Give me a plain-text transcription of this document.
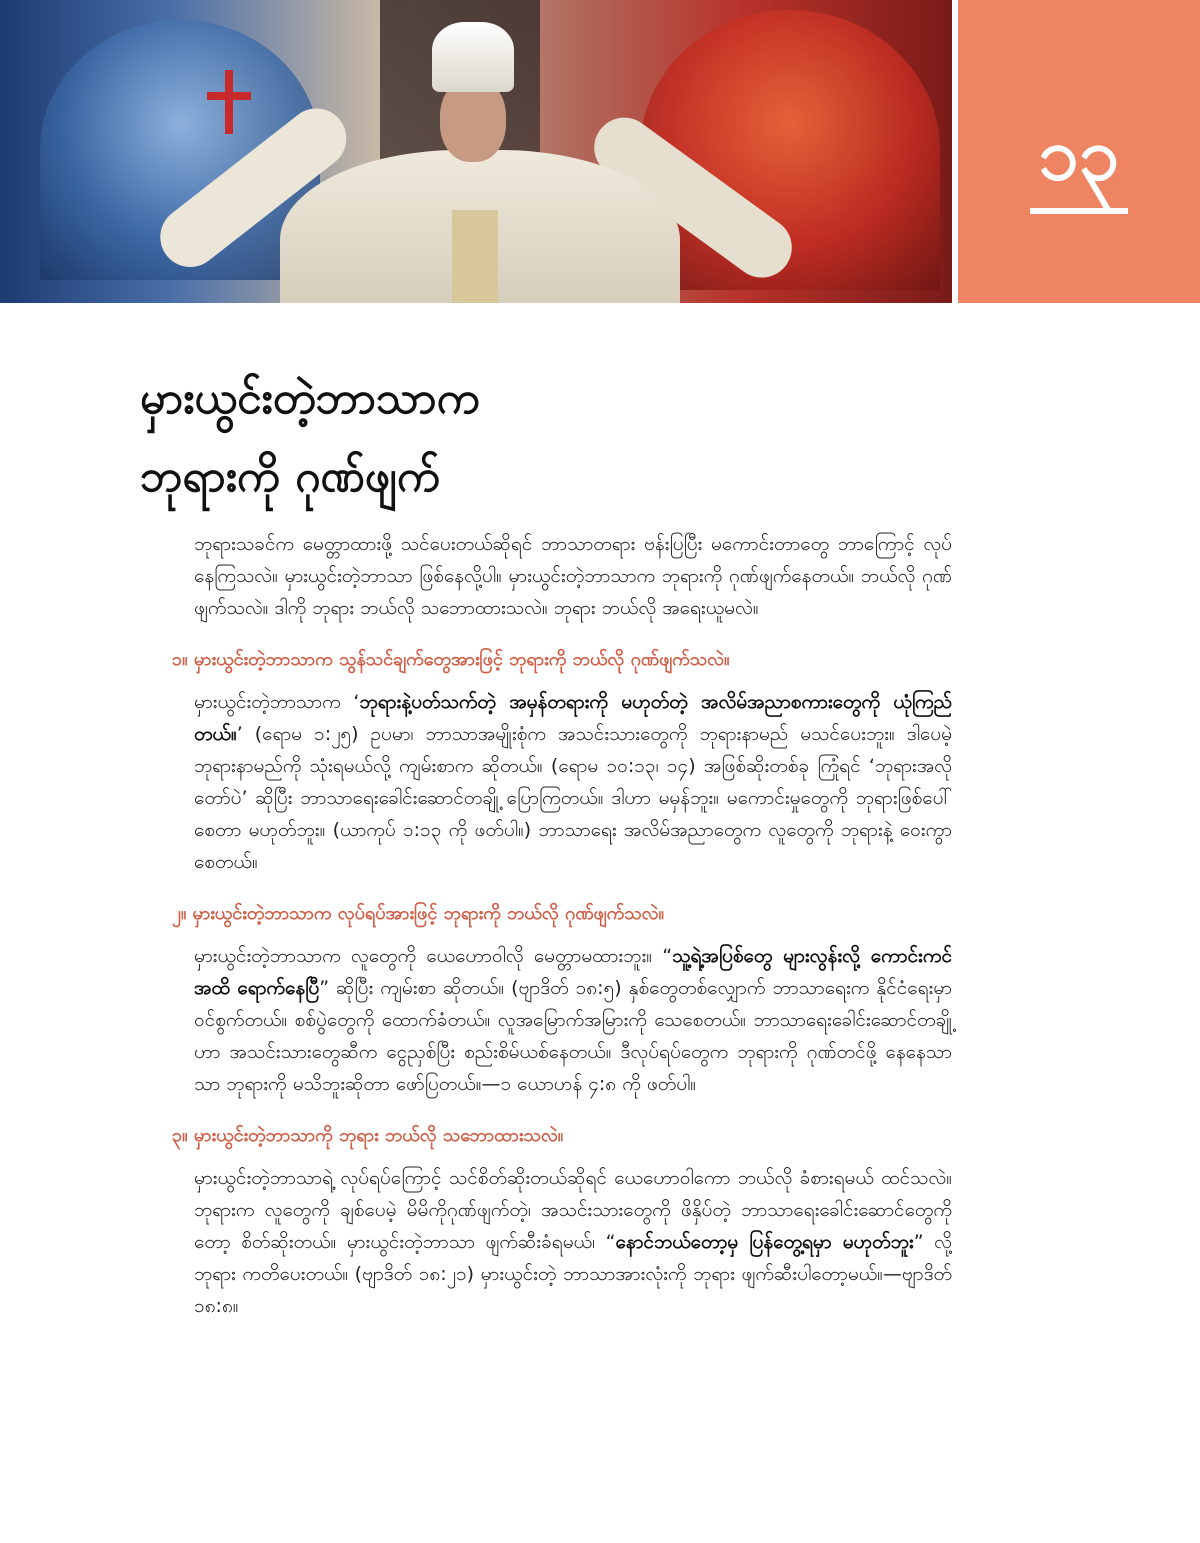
၁၃
မှားယွင်းတဲ့ဘာသာက
ဘုရားကို ဂုဏ်ဖျက်

ဘုရားသခင်က မေတ္တာထားဖို့ သင်ပေးတယ်ဆိုရင် ဘာသာတရား ဗန်းပြပြီး မကောင်းတာတွေ ဘာကြောင့် လုပ်နေကြသလဲ။ မှားယွင်းတဲ့ဘာသာ ဖြစ်နေလို့ပါ။ မှားယွင်းတဲ့ဘာသာက ဘုရားကို ဂုဏ်ဖျက်နေတယ်။ ဘယ်လို ဂုဏ်ဖျက်သလဲ။ ဒါကို ဘုရား ဘယ်လို သဘောထားသလဲ။ ဘုရား ဘယ်လို အရေးယူမလဲ။

၁။ မှားယွင်းတဲ့ဘာသာက သွန်သင်ချက်တွေအားဖြင့် ဘုရားကို ဘယ်လို ဂုဏ်ဖျက်သလဲ။

မှားယွင်းတဲ့ဘာသာက ‘ဘုရားနဲ့ပတ်သက်တဲ့ အမှန်တရားကို မဟုတ်တဲ့ အလိမ်အညာစကားတွေကို ယုံကြည်တယ်။’ (ရောမ ၁:၂၅) ဥပမာ၊ ဘာသာအမျိုးစုံက အသင်းသားတွေကို ဘုရားနာမည် မသင်ပေးဘူး။ ဒါပေမဲ့ ဘုရားနာမည်ကို သုံးရမယ်လို့ ကျမ်းစာက ဆိုတယ်။ (ရောမ ၁၀:၁၃၊ ၁၄) အဖြစ်ဆိုးတစ်ခု ကြုံရင် ‘ဘုရားအလိုတော်ပဲ’ ဆိုပြီး ဘာသာရေးခေါင်းဆောင်တချို့ ပြောကြတယ်။ ဒါဟာ မမှန်ဘူး။ မကောင်းမှုတွေကို ဘုရားဖြစ်ပေါ်စေတာ မဟုတ်ဘူး။ (ယာကုပ် ၁:၁၃ ကို ဖတ်ပါ။) ဘာသာရေး အလိမ်အညာတွေက လူတွေကို ဘုရားနဲ့ ဝေးကွာစေတယ်။

၂။ မှားယွင်းတဲ့ဘာသာက လုပ်ရပ်အားဖြင့် ဘုရားကို ဘယ်လို ဂုဏ်ဖျက်သလဲ။

မှားယွင်းတဲ့ဘာသာက လူတွေကို ယေဟောဝါလို မေတ္တာမထားဘူး။ “သူ့ရဲ့အပြစ်တွေ များလွန်းလို့ ကောင်းကင်အထိ ရောက်နေပြီ” ဆိုပြီး ကျမ်းစာ ဆိုတယ်။ (ဗျာဒိတ် ၁၈:၅) နှစ်တွေတစ်လျှောက် ဘာသာရေးက နိုင်ငံရေးမှာ ဝင်စွက်တယ်။ စစ်ပွဲတွေကို ထောက်ခံတယ်။ လူအမြောက်အမြားကို သေစေတယ်။ ဘာသာရေးခေါင်းဆောင်တချို့ဟာ အသင်းသားတွေဆီက ငွေညှစ်ပြီး စည်းစိမ်ယစ်နေတယ်။ ဒီလုပ်ရပ်တွေက ဘုရားကို ဂုဏ်တင်ဖို့ နေနေသာသာ ဘုရားကို မသိဘူးဆိုတာ ဖော်ပြတယ်။—၁ ယောဟန် ၄:၈ ကို ဖတ်ပါ။

၃။ မှားယွင်းတဲ့ဘာသာကို ဘုရား ဘယ်လို သဘောထားသလဲ။

မှားယွင်းတဲ့ဘာသာရဲ့ လုပ်ရပ်ကြောင့် သင်စိတ်ဆိုးတယ်ဆိုရင် ယေဟောဝါကော ဘယ်လို ခံစားရမယ် ထင်သလဲ။ ဘုရားက လူတွေကို ချစ်ပေမဲ့ မိမိကိုဂုဏ်ဖျက်တဲ့၊ အသင်းသားတွေကို ဖိနှိပ်တဲ့ ဘာသာရေးခေါင်းဆောင်တွေကိုတော့ စိတ်ဆိုးတယ်။ မှားယွင်းတဲ့ဘာသာ ဖျက်ဆီးခံရမယ်၊ “နောင်ဘယ်တော့မှ ပြန်တွေ့ရမှာ မဟုတ်ဘူး” လို့ ဘုရား ကတိပေးတယ်။ (ဗျာဒိတ် ၁၈:၂၁) မှားယွင်းတဲ့ ဘာသာအားလုံးကို ဘုရား ဖျက်ဆီးပါတော့မယ်။—ဗျာဒိတ် ၁၈:၈။
